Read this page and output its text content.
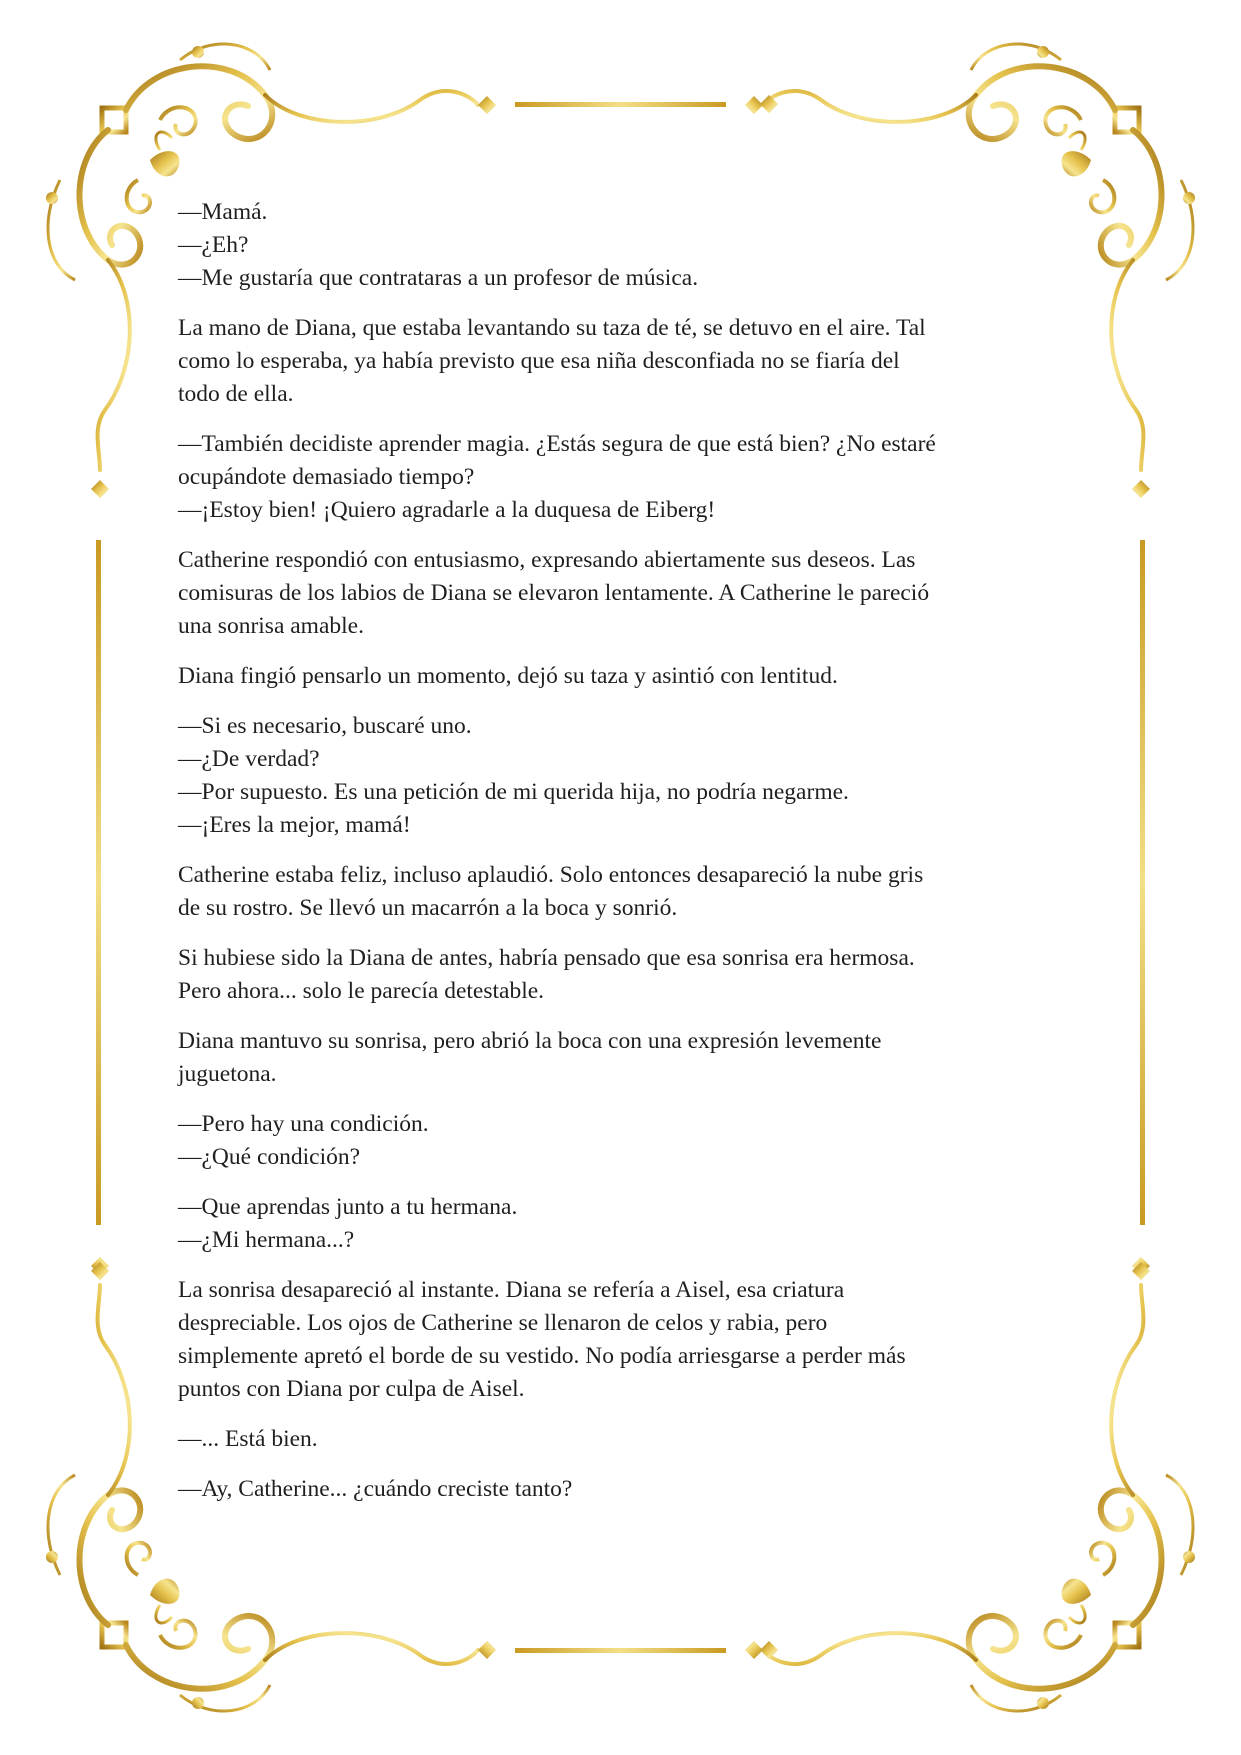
—Mamá.

—¿Eh?

—Me gustaría que contrataras a un profesor de música.

La mano de Diana, que estaba levantando su taza de té, se detuvo en el aire. Tal

como lo esperaba, ya había previsto que esa niña desconfiada no se fiaría del

todo de ella.

—También decidiste aprender magia. ¿Estás segura de que está bien? ¿No estaré

ocupándote demasiado tiempo?

—¡Estoy bien! ¡Quiero agradarle a la duquesa de Eiberg!

Catherine respondió con entusiasmo, expresando abiertamente sus deseos. Las

comisuras de los labios de Diana se elevaron lentamente. A Catherine le pareció

una sonrisa amable.

Diana fingió pensarlo un momento, dejó su taza y asintió con lentitud.

—Si es necesario, buscaré uno.

—¿De verdad?

—Por supuesto. Es una petición de mi querida hija, no podría negarme.

—¡Eres la mejor, mamá!

Catherine estaba feliz, incluso aplaudió. Solo entonces desapareció la nube gris

de su rostro. Se llevó un macarrón a la boca y sonrió.

Si hubiese sido la Diana de antes, habría pensado que esa sonrisa era hermosa.

Pero ahora... solo le parecía detestable.

Diana mantuvo su sonrisa, pero abrió la boca con una expresión levemente

juguetona.

—Pero hay una condición.

—¿Qué condición?

—Que aprendas junto a tu hermana.

—¿Mi hermana...?

La sonrisa desapareció al instante. Diana se refería a Aisel, esa criatura

despreciable. Los ojos de Catherine se llenaron de celos y rabia, pero

simplemente apretó el borde de su vestido. No podía arriesgarse a perder más

puntos con Diana por culpa de Aisel.

—... Está bien.

—Ay, Catherine... ¿cuándo creciste tanto?
